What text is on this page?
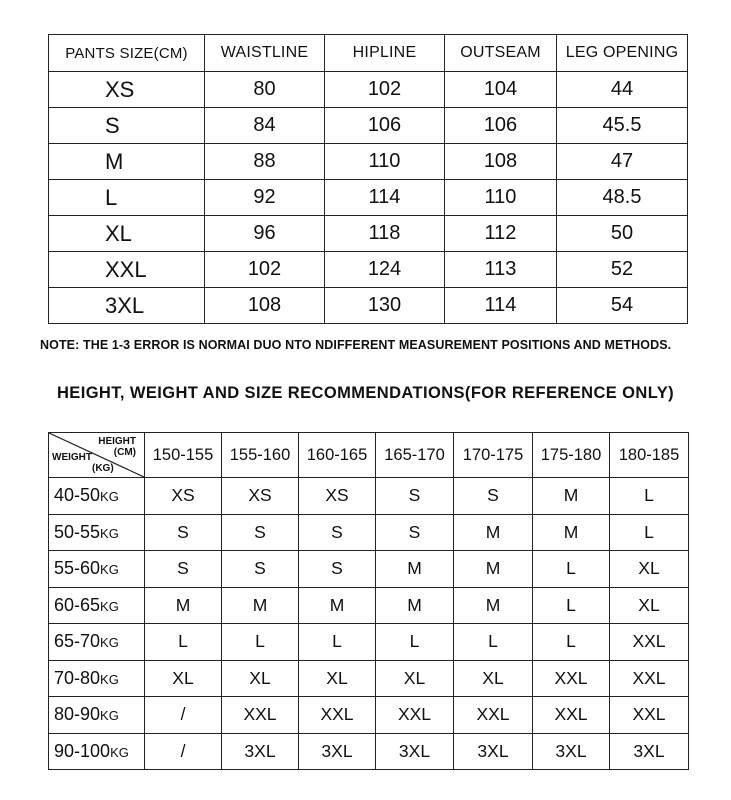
PANTS SIZE(CM)	WAISTLINE	HIPLINE	OUTSEAM	LEG OPENING
XS	80	102	104	44
S	84	106	106	45.5
M	88	110	108	47
L	92	114	110	48.5
XL	96	118	112	50
XXL	102	124	113	52
3XL	108	130	114	54
NOTE: THE 1-3 ERROR IS NORMAI DUO NTO NDIFFERENT MEASUREMENT POSITIONS AND METHODS.
HEIGHT, WEIGHT AND SIZE RECOMMENDATIONS(FOR REFERENCE ONLY)
HEIGHT
(CM)
WEIGHT
(KG)	150-155	155-160	160-165	165-170	170-175	175-180	180-185
40-50KG	XS	XS	XS	S	S	M	L
50-55KG	S	S	S	S	M	M	L
55-60KG	S	S	S	M	M	L	XL
60-65KG	M	M	M	M	M	L	XL
65-70KG	L	L	L	L	L	L	XXL
70-80KG	XL	XL	XL	XL	XL	XXL	XXL
80-90KG	/	XXL	XXL	XXL	XXL	XXL	XXL
90-100KG	/	3XL	3XL	3XL	3XL	3XL	3XL
